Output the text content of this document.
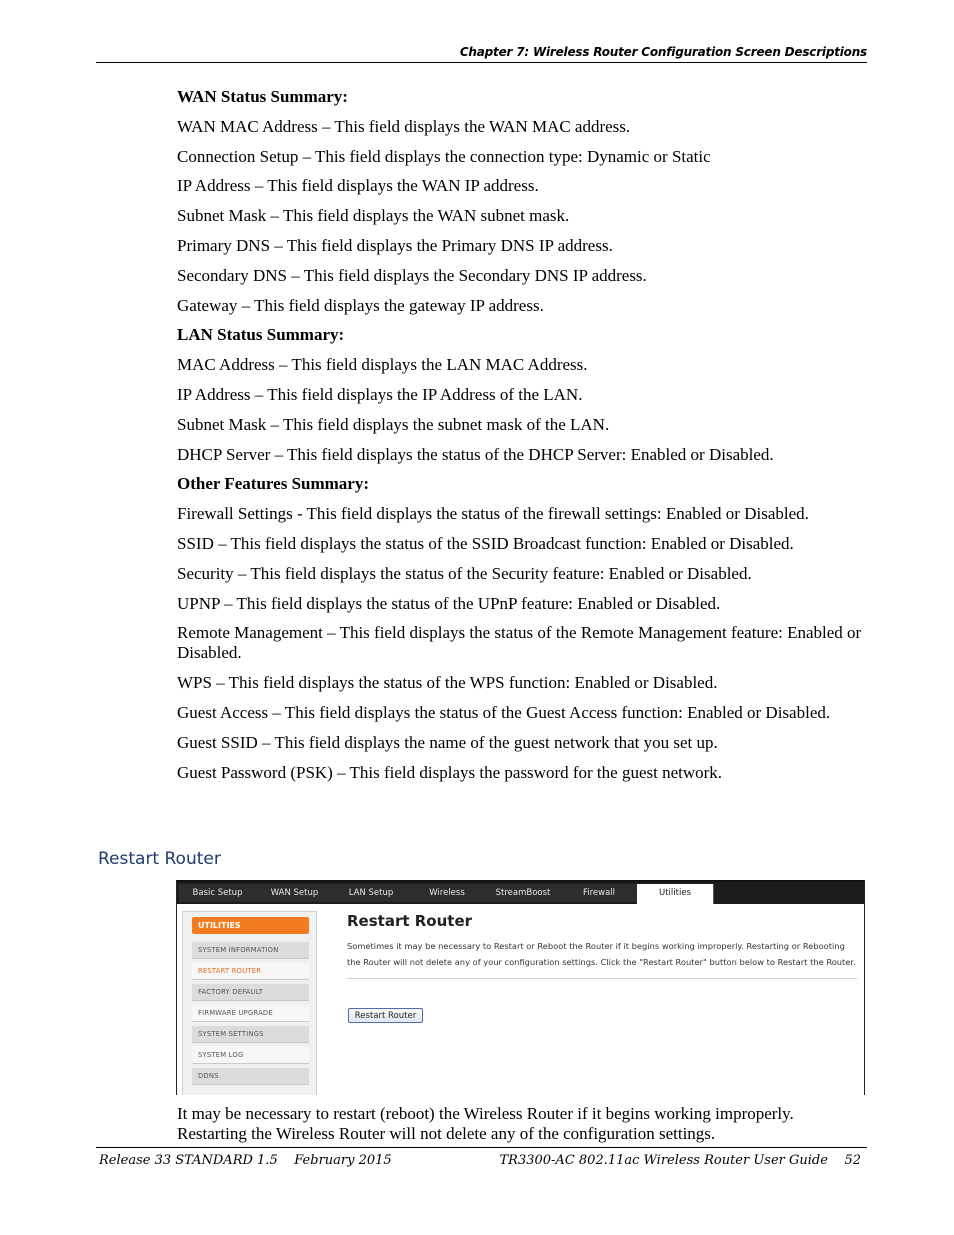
Chapter 7: Wireless Router Configuration Screen Descriptions
WAN Status Summary:
WAN MAC Address – This field displays the WAN MAC address.
Connection Setup – This field displays the connection type: Dynamic or Static
IP Address – This field displays the WAN IP address.
Subnet Mask – This field displays the WAN subnet mask.
Primary DNS – This field displays the Primary DNS IP address.
Secondary DNS – This field displays the Secondary DNS IP address.
Gateway – This field displays the gateway IP address.
LAN Status Summary:
MAC Address – This field displays the LAN MAC Address.
IP Address – This field displays the IP Address of the LAN.
Subnet Mask – This field displays the subnet mask of the LAN.
DHCP Server – This field displays the status of the DHCP Server: Enabled or Disabled.
Other Features Summary:
Firewall Settings - This field displays the status of the firewall settings: Enabled or Disabled.
SSID – This field displays the status of the SSID Broadcast function: Enabled or Disabled.
Security – This field displays the status of the Security feature: Enabled or Disabled.
UPNP – This field displays the status of the UPnP feature: Enabled or Disabled.
Remote Management – This field displays the status of the Remote Management feature: Enabled or Disabled.
WPS – This field displays the status of the WPS function: Enabled or Disabled.
Guest Access – This field displays the status of the Guest Access function: Enabled or Disabled.
Guest SSID – This field displays the name of the guest network that you set up.
Guest Password (PSK) – This field displays the password for the guest network.
Restart Router
Basic Setup	WAN Setup	LAN Setup	Wireless	StreamBoost	Firewall	Utilities
UTILITIES
SYSTEM INFORMATION
RESTART ROUTER
FACTORY DEFAULT
FIRMWARE UPGRADE
SYSTEM SETTINGS
SYSTEM LOG
DDNS
Restart Router
Sometimes it may be necessary to Restart or Reboot the Router if it begins working improperly. Restarting or Rebooting the Router will not delete any of your configuration settings. Click the "Restart Router" button below to Restart the Router.
Restart Router
It may be necessary to restart (reboot) the Wireless Router if it begins working improperly. Restarting the Wireless Router will not delete any of the configuration settings.
Release 33 STANDARD 1.5    February 2015	TR3300-AC 802.11ac Wireless Router User Guide    52
